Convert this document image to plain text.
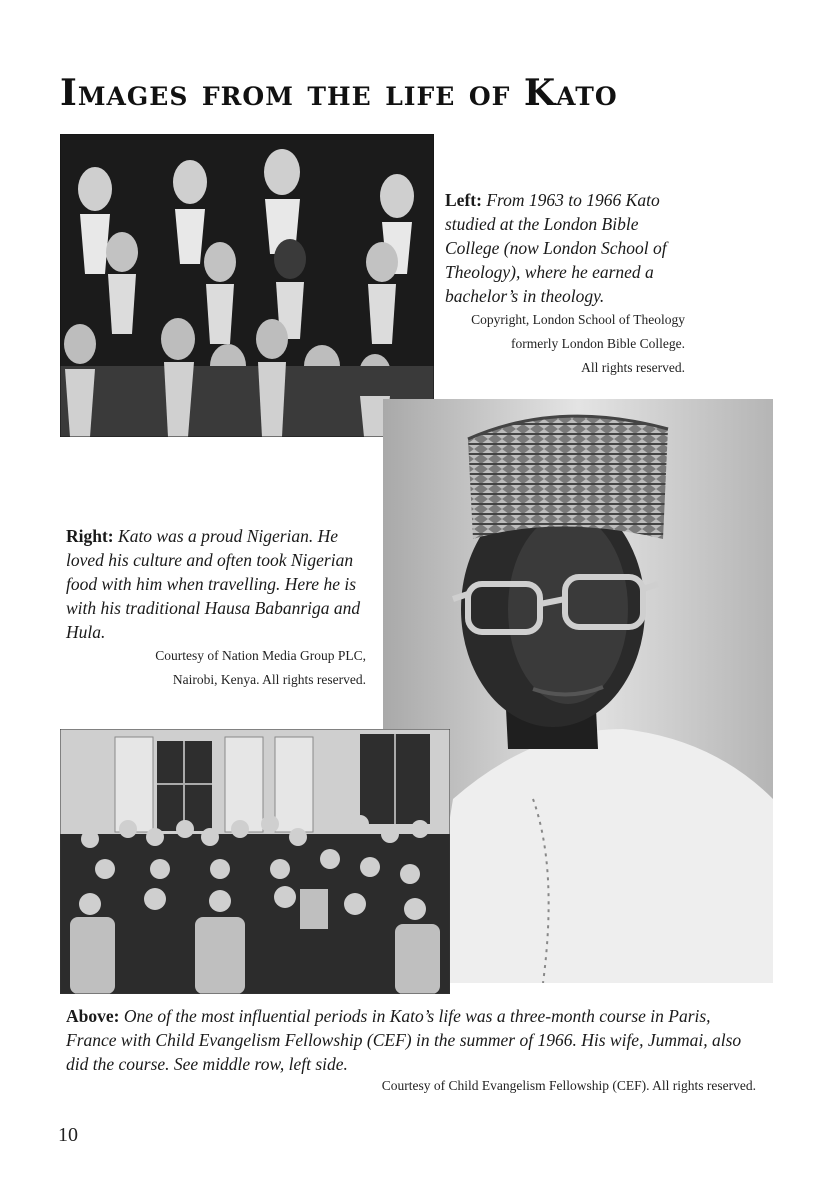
Images from the life of Kato
Left: From 1963 to 1966 Kato studied at the London Bible College (now London School of Theology), where he earned a bachelor’s in theology.
Copyright, London School of Theology
formerly London Bible College.
All rights reserved.
Right: Kato was a proud Nigerian. He loved his culture and often took Nigerian food with him when travelling. Here he is with his traditional Hausa Babanriga and Hula.
Courtesy of Nation Media Group PLC,
Nairobi, Kenya. All rights reserved.
Above: One of the most influential periods in Kato’s life was a three-month course in Paris, France with Child Evangelism Fellowship (CEF) in the summer of 1966. His wife, Jummai, also did the course. See middle row, left side.
Courtesy of Child Evangelism Fellowship (CEF). All rights reserved.
10
